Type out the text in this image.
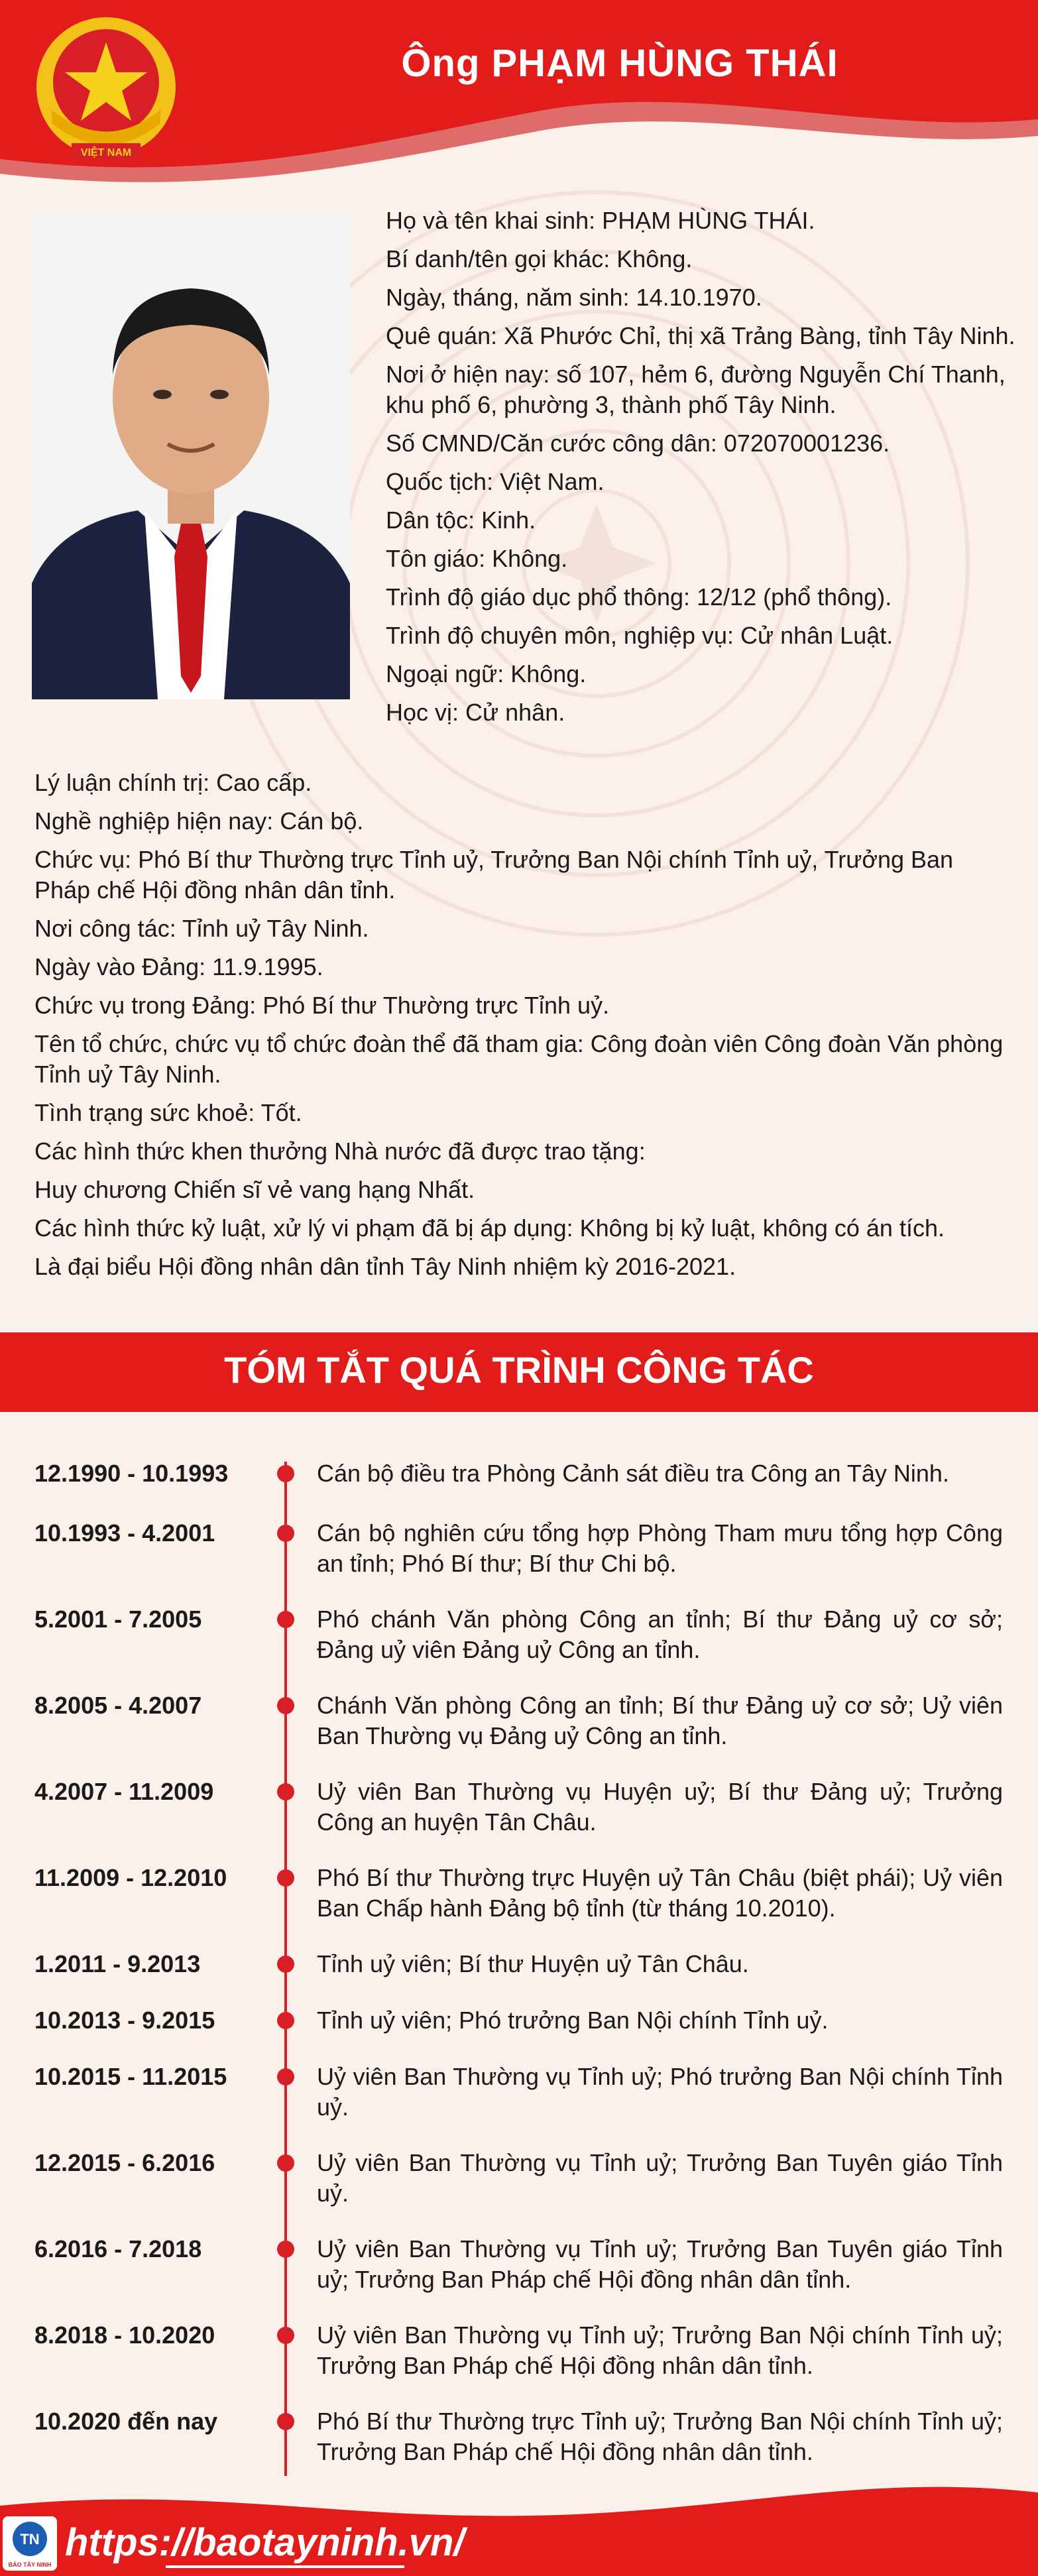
VIỆT NAM
Ông PHẠM HÙNG THÁI
Họ và tên khai sinh: PHẠM HÙNG THÁI.
Bí danh/tên gọi khác: Không.
Ngày, tháng, năm sinh: 14.10.1970.
Quê quán: Xã Phước Chỉ, thị xã Trảng Bàng, tỉnh Tây Ninh.
Nơi ở hiện nay: số 107, hẻm 6, đường Nguyễn Chí Thanh, khu phố 6, phường 3, thành phố Tây Ninh.
Số CMND/Căn cước công dân: 072070001236.
Quốc tịch: Việt Nam.
Dân tộc: Kinh.
Tôn giáo: Không.
Trình độ giáo dục phổ thông: 12/12 (phổ thông).
Trình độ chuyên môn, nghiệp vụ: Cử nhân Luật.
Ngoại ngữ: Không.
Học vị: Cử nhân.
Lý luận chính trị: Cao cấp.
Nghề nghiệp hiện nay: Cán bộ.
Chức vụ: Phó Bí thư Thường trực Tỉnh uỷ, Trưởng Ban Nội chính Tỉnh uỷ, Trưởng Ban Pháp chế Hội đồng nhân dân tỉnh.
Nơi công tác: Tỉnh uỷ Tây Ninh.
Ngày vào Đảng: 11.9.1995.
Chức vụ trong Đảng: Phó Bí thư Thường trực Tỉnh uỷ.
Tên tổ chức, chức vụ tổ chức đoàn thể đã tham gia: Công đoàn viên Công đoàn Văn phòng Tỉnh uỷ Tây Ninh.
Tình trạng sức khoẻ: Tốt.
Các hình thức khen thưởng Nhà nước đã được trao tặng:
Huy chương Chiến sĩ vẻ vang hạng Nhất.
Các hình thức kỷ luật, xử lý vi phạm đã bị áp dụng: Không bị kỷ luật, không có án tích.
Là đại biểu Hội đồng nhân dân tỉnh Tây Ninh nhiệm kỳ 2016-2021.
TÓM TẮT QUÁ TRÌNH CÔNG TÁC
12.1990 - 10.1993	Cán bộ điều tra Phòng Cảnh sát điều tra Công an Tây Ninh.
10.1993 - 4.2001	Cán bộ nghiên cứu tổng hợp Phòng Tham mưu tổng hợp Công an tỉnh; Phó Bí thư; Bí thư Chi bộ.
5.2001 - 7.2005	Phó chánh Văn phòng Công an tỉnh; Bí thư Đảng uỷ cơ sở; Đảng uỷ viên Đảng uỷ Công an tỉnh.
8.2005 - 4.2007	Chánh Văn phòng Công an tỉnh; Bí thư Đảng uỷ cơ sở; Uỷ viên Ban Thường vụ Đảng uỷ Công an tỉnh.
4.2007 - 11.2009	Uỷ viên Ban Thường vụ Huyện uỷ; Bí thư Đảng uỷ; Trưởng Công an huyện Tân Châu.
11.2009 - 12.2010	Phó Bí thư Thường trực Huyện uỷ Tân Châu (biệt phái); Uỷ viên Ban Chấp hành Đảng bộ tỉnh (từ tháng 10.2010).
1.2011 - 9.2013	Tỉnh uỷ viên; Bí thư Huyện uỷ Tân Châu.
10.2013 - 9.2015	Tỉnh uỷ viên; Phó trưởng Ban Nội chính Tỉnh uỷ.
10.2015 - 11.2015	Uỷ viên Ban Thường vụ Tỉnh uỷ; Phó trưởng Ban Nội chính Tỉnh uỷ.
12.2015 - 6.2016	Uỷ viên Ban Thường vụ Tỉnh uỷ; Trưởng Ban Tuyên giáo Tỉnh uỷ.
6.2016 - 7.2018	Uỷ viên Ban Thường vụ Tỉnh uỷ; Trưởng Ban Tuyên giáo Tỉnh uỷ; Trưởng Ban Pháp chế Hội đồng nhân dân tỉnh.
8.2018 - 10.2020	Uỷ viên Ban Thường vụ Tỉnh uỷ; Trưởng Ban Nội chính Tỉnh uỷ; Trưởng Ban Pháp chế Hội đồng nhân dân tỉnh.
10.2020 đến nay	Phó Bí thư Thường trực Tỉnh uỷ; Trưởng Ban Nội chính Tỉnh uỷ; Trưởng Ban Pháp chế Hội đồng nhân dân tỉnh.
TN
BÁO TÂY NINH
https://baotayninh.vn/
